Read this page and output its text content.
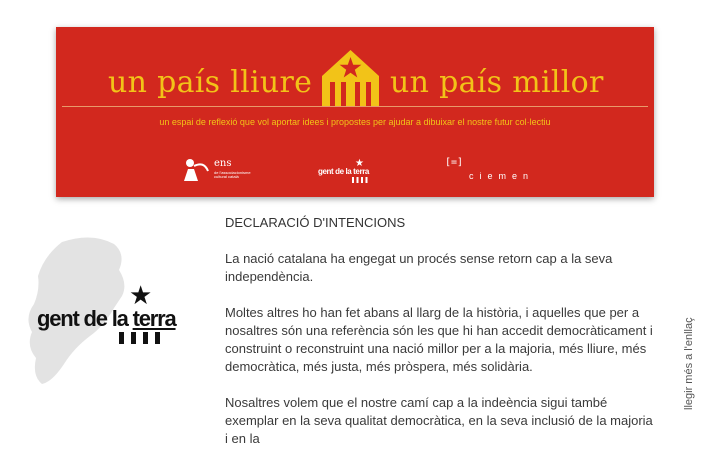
un país lliure	un país millor
un espai de reflexió que vol aportar idees i propostes per ajudar a dibuixar el nostre futur col·lectiu
ens
de l'associacionisme cultural català
gent de la terra
★	[=]
ciemen
gent de la terra
★
DECLARACIÓ D'INTENCIONS

La nació catalana ha engegat un procés sense retorn cap a la seva independència.

Moltes altres ho han fet abans al llarg de la història, i aquelles que per a nosaltres són una referència són les que hi han accedit democràticament i construint o reconstruint una nació millor per a la majoria, més lliure, més democràtica, més justa, més pròspera, més solidària.

Nosaltres volem que el nostre camí cap a la indeència sigui també exemplar en la seva qualitat democràtica, en la seva inclusió de la majoria i en la

llegir més a l'enllaç
